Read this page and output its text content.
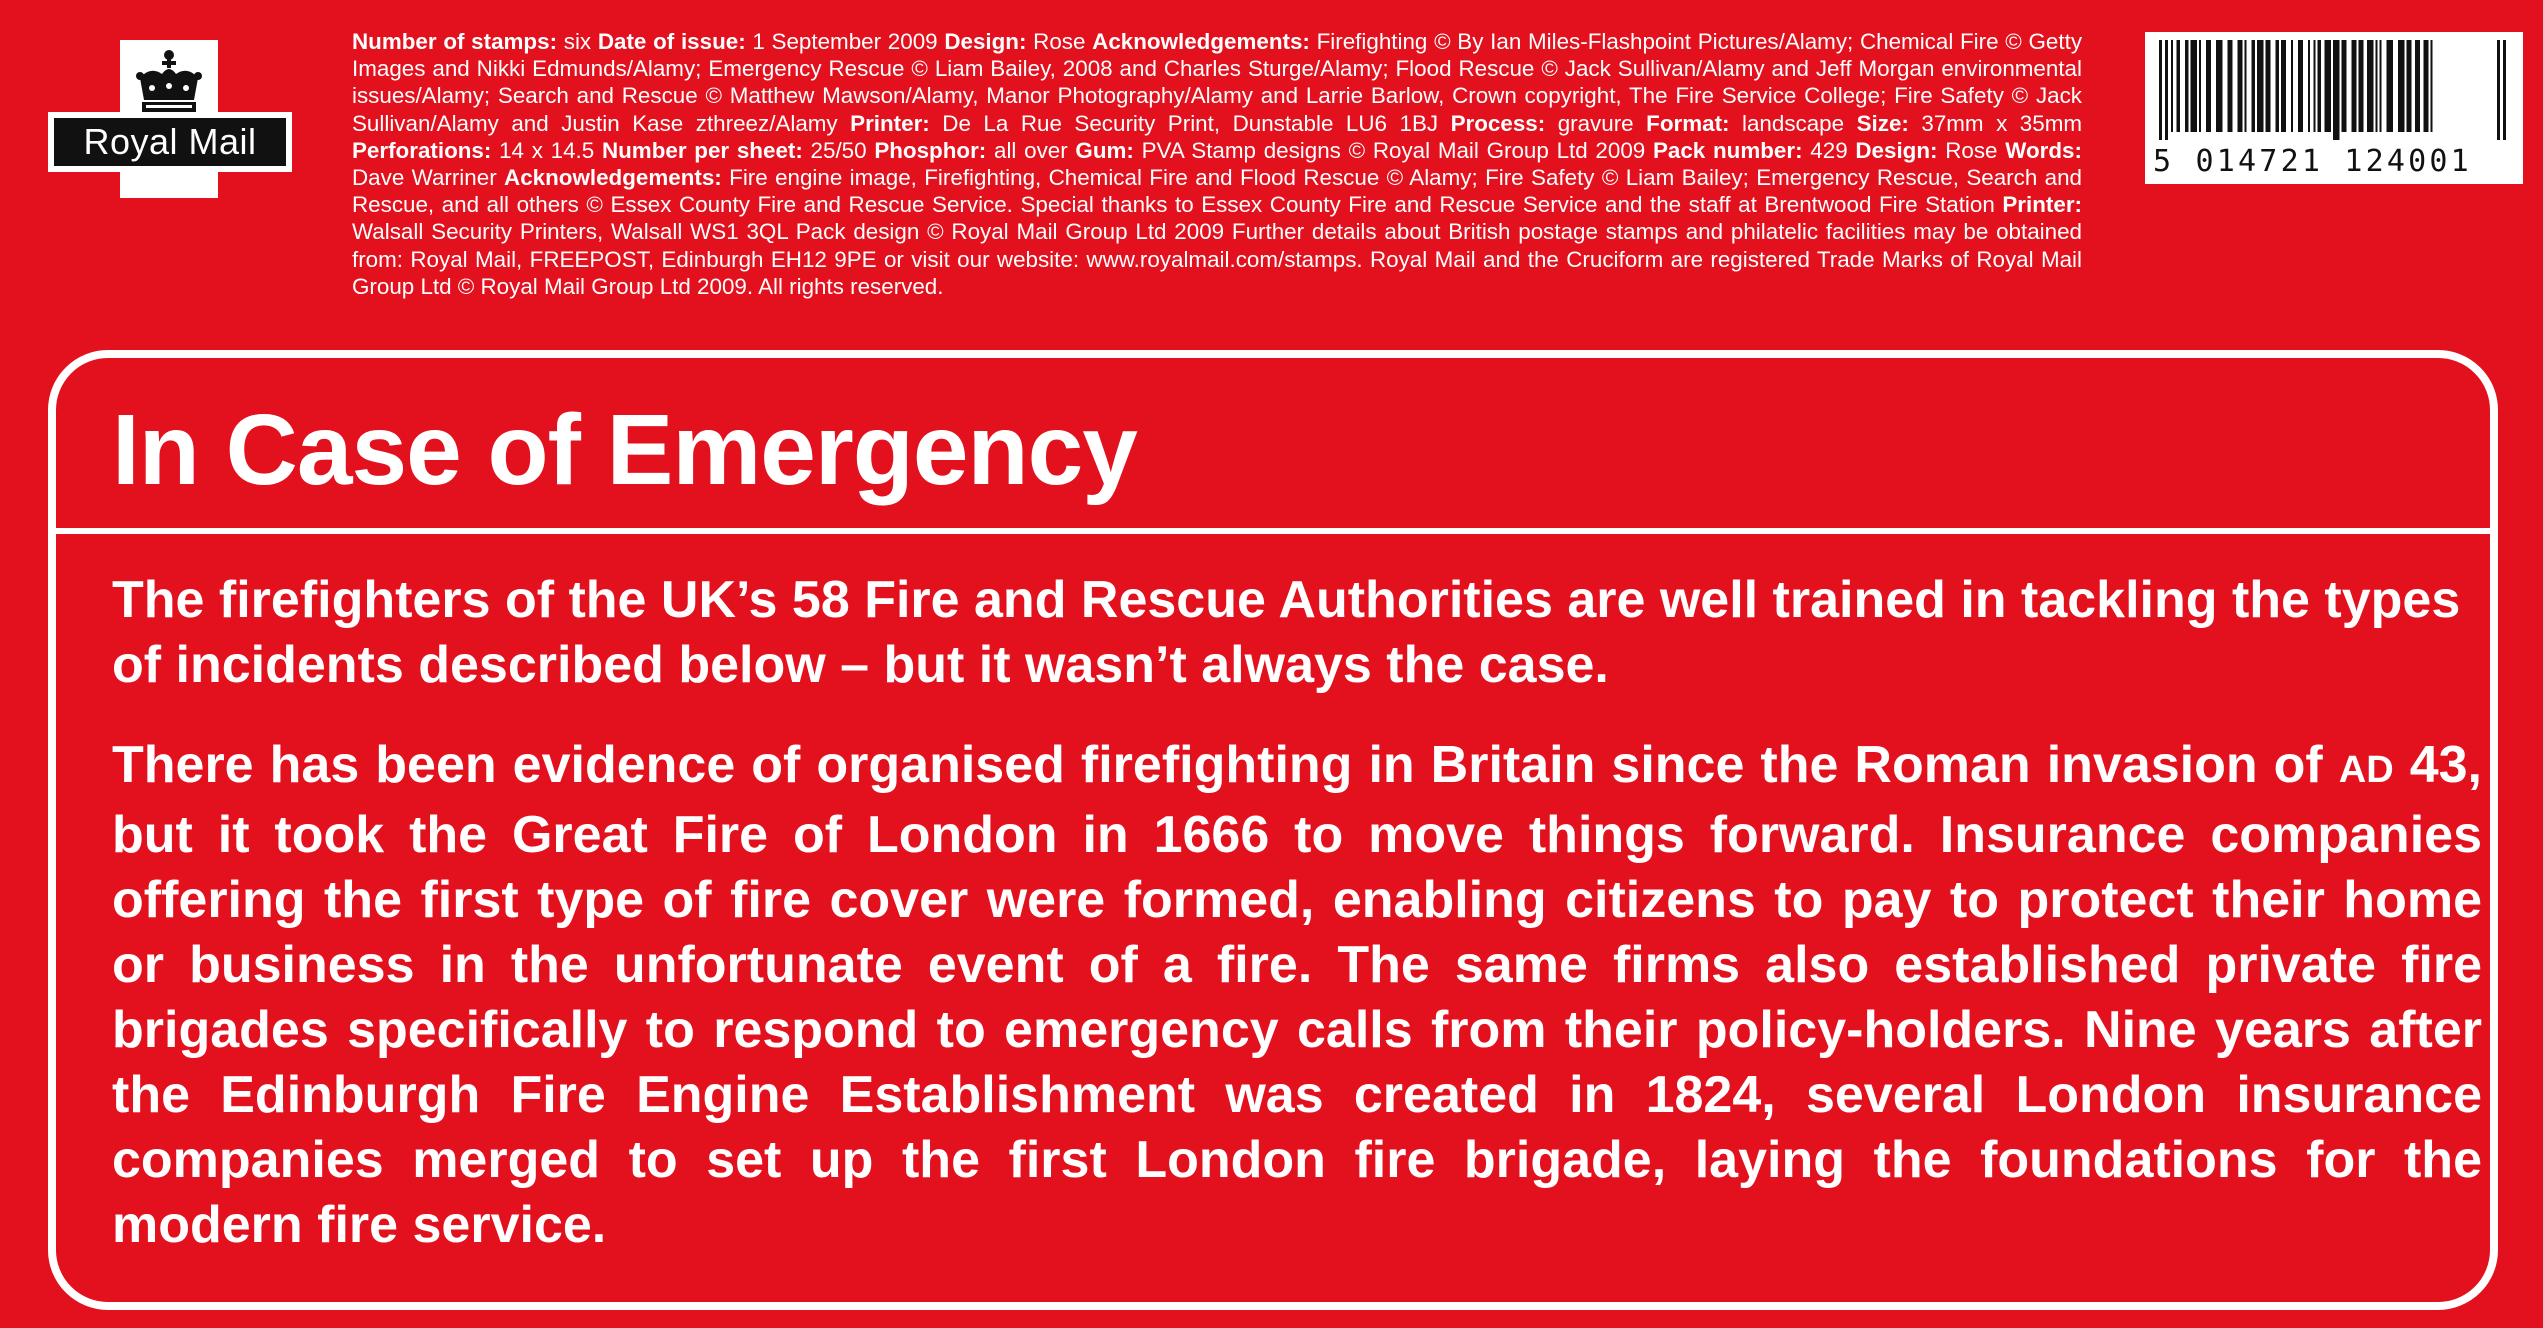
Royal Mail
Number of stamps: six Date of issue: 1 September 2009 Design: Rose Acknowledgements: Firefighting © By Ian Miles-Flashpoint Pictures/Alamy; Chemical Fire © Getty Images and Nikki Edmunds/Alamy; Emergency Rescue © Liam Bailey, 2008 and Charles Sturge/Alamy; Flood Rescue © Jack Sullivan/Alamy and Jeff Morgan environmental issues/Alamy; Search and Rescue © Matthew Mawson/Alamy, Manor Photography/Alamy and Larrie Barlow, Crown copyright, The Fire Service College; Fire Safety © Jack Sullivan/Alamy and Justin Kase zthreez/Alamy Printer: De La Rue Security Print, Dunstable LU6 1BJ Process: gravure Format: landscape Size: 37mm x 35mm Perforations: 14 x 14.5 Number per sheet: 25/50 Phosphor: all over Gum: PVA Stamp designs © Royal Mail Group Ltd 2009 Pack number: 429 Design: Rose Words: Dave Warriner Acknowledgements: Fire engine image, Firefighting, Chemical Fire and Flood Rescue © Alamy; Fire Safety © Liam Bailey; Emergency Rescue, Search and Rescue, and all others © Essex County Fire and Rescue Service. Special thanks to Essex County Fire and Rescue Service and the staff at Brentwood Fire Station Printer: Walsall Security Printers, Walsall WS1 3QL Pack design © Royal Mail Group Ltd 2009 Further details about British postage stamps and philatelic facilities may be obtained from: Royal Mail, FREEPOST, Edinburgh EH12 9PE or visit our website: www.royalmail.com/stamps. Royal Mail and the Cruciform are registered Trade Marks of Royal Mail Group Ltd © Royal Mail Group Ltd 2009. All rights reserved.
5 014721 124001
In Case of Emergency
The firefighters of the UK’s 58 Fire and Rescue Authorities are well trained in tackling the types of incidents described below – but it wasn’t always the case.
There has been evidence of organised firefighting in Britain since the Roman invasion of AD 43, but it took the Great Fire of London in 1666 to move things forward. Insurance companies offering the first type of fire cover were formed, enabling citizens to pay to protect their home or business in the unfortunate event of a fire. The same firms also established private fire brigades specifically to respond to emergency calls from their policy-holders. Nine years after the Edinburgh Fire Engine Establishment was created in 1824, several London insurance companies merged to set up the first London fire brigade, laying the foundations for the modern fire service.
